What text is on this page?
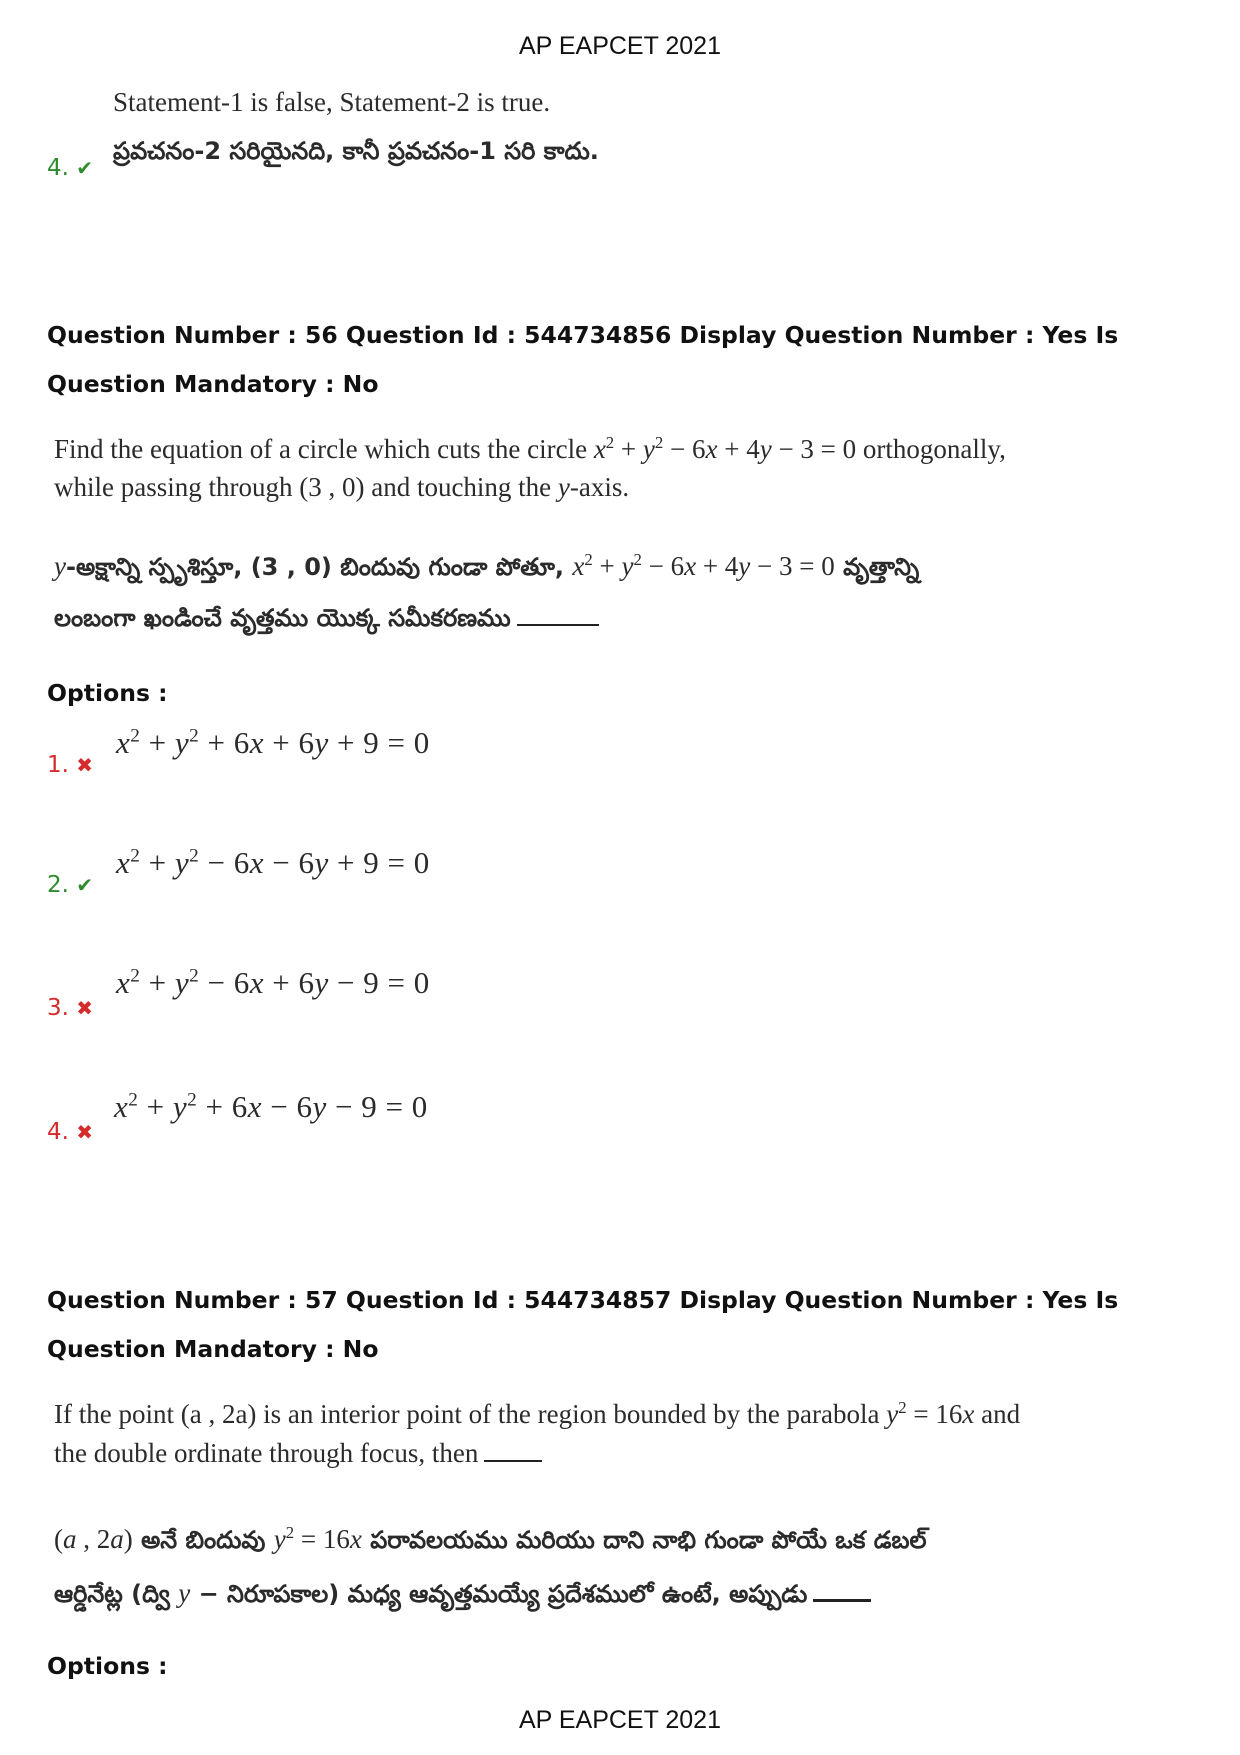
AP EAPCET 2021
Statement-1 is false, Statement-2 is true.
ప్రవచనం-2 సరియైనది, కానీ ప్రవచనం-1 సరి కాదు.
4. ✔
Question Number : 56 Question Id : 544734856 Display Question Number : Yes Is Question Mandatory : No
Find the equation of a circle which cuts the circle $x^2 + y^2 - 6x + 4y - 3 = 0$ orthogonally,
while passing through (3 , 0) and touching the y-axis.
y-అక్షాన్ని స్పృశిస్తూ, (3 , 0) బిందువు గుండా పోతూ, $x^2 + y^2 - 6x + 4y - 3 = 0$ వృత్తాన్ని
లంబంగా ఖండించే వృత్తము యొక్క సమీకరణము
Options :
1. ✖
$x^2 + y^2 + 6x + 6y + 9 = 0$
2. ✔
$x^2 + y^2 - 6x - 6y + 9 = 0$
3. ✖
$x^2 + y^2 - 6x + 6y - 9 = 0$
4. ✖
$x^2 + y^2 + 6x - 6y - 9 = 0$
Question Number : 57 Question Id : 544734857 Display Question Number : Yes Is Question Mandatory : No
If the point (a , 2a) is an interior point of the region bounded by the parabola $y^2 = 16x$ and
the double ordinate through focus, then
(a , 2a) అనే బిందువు $y^2 = 16x$ పరావలయము మరియు దాని నాభి గుండా పోయే ఒక డబల్
ఆర్డినేట్ల (ద్వి y − నిరూపకాల) మధ్య ఆవృత్తమయ్యే ప్రదేశములో ఉంటే, అప్పుడు
Options :
AP EAPCET 2021
